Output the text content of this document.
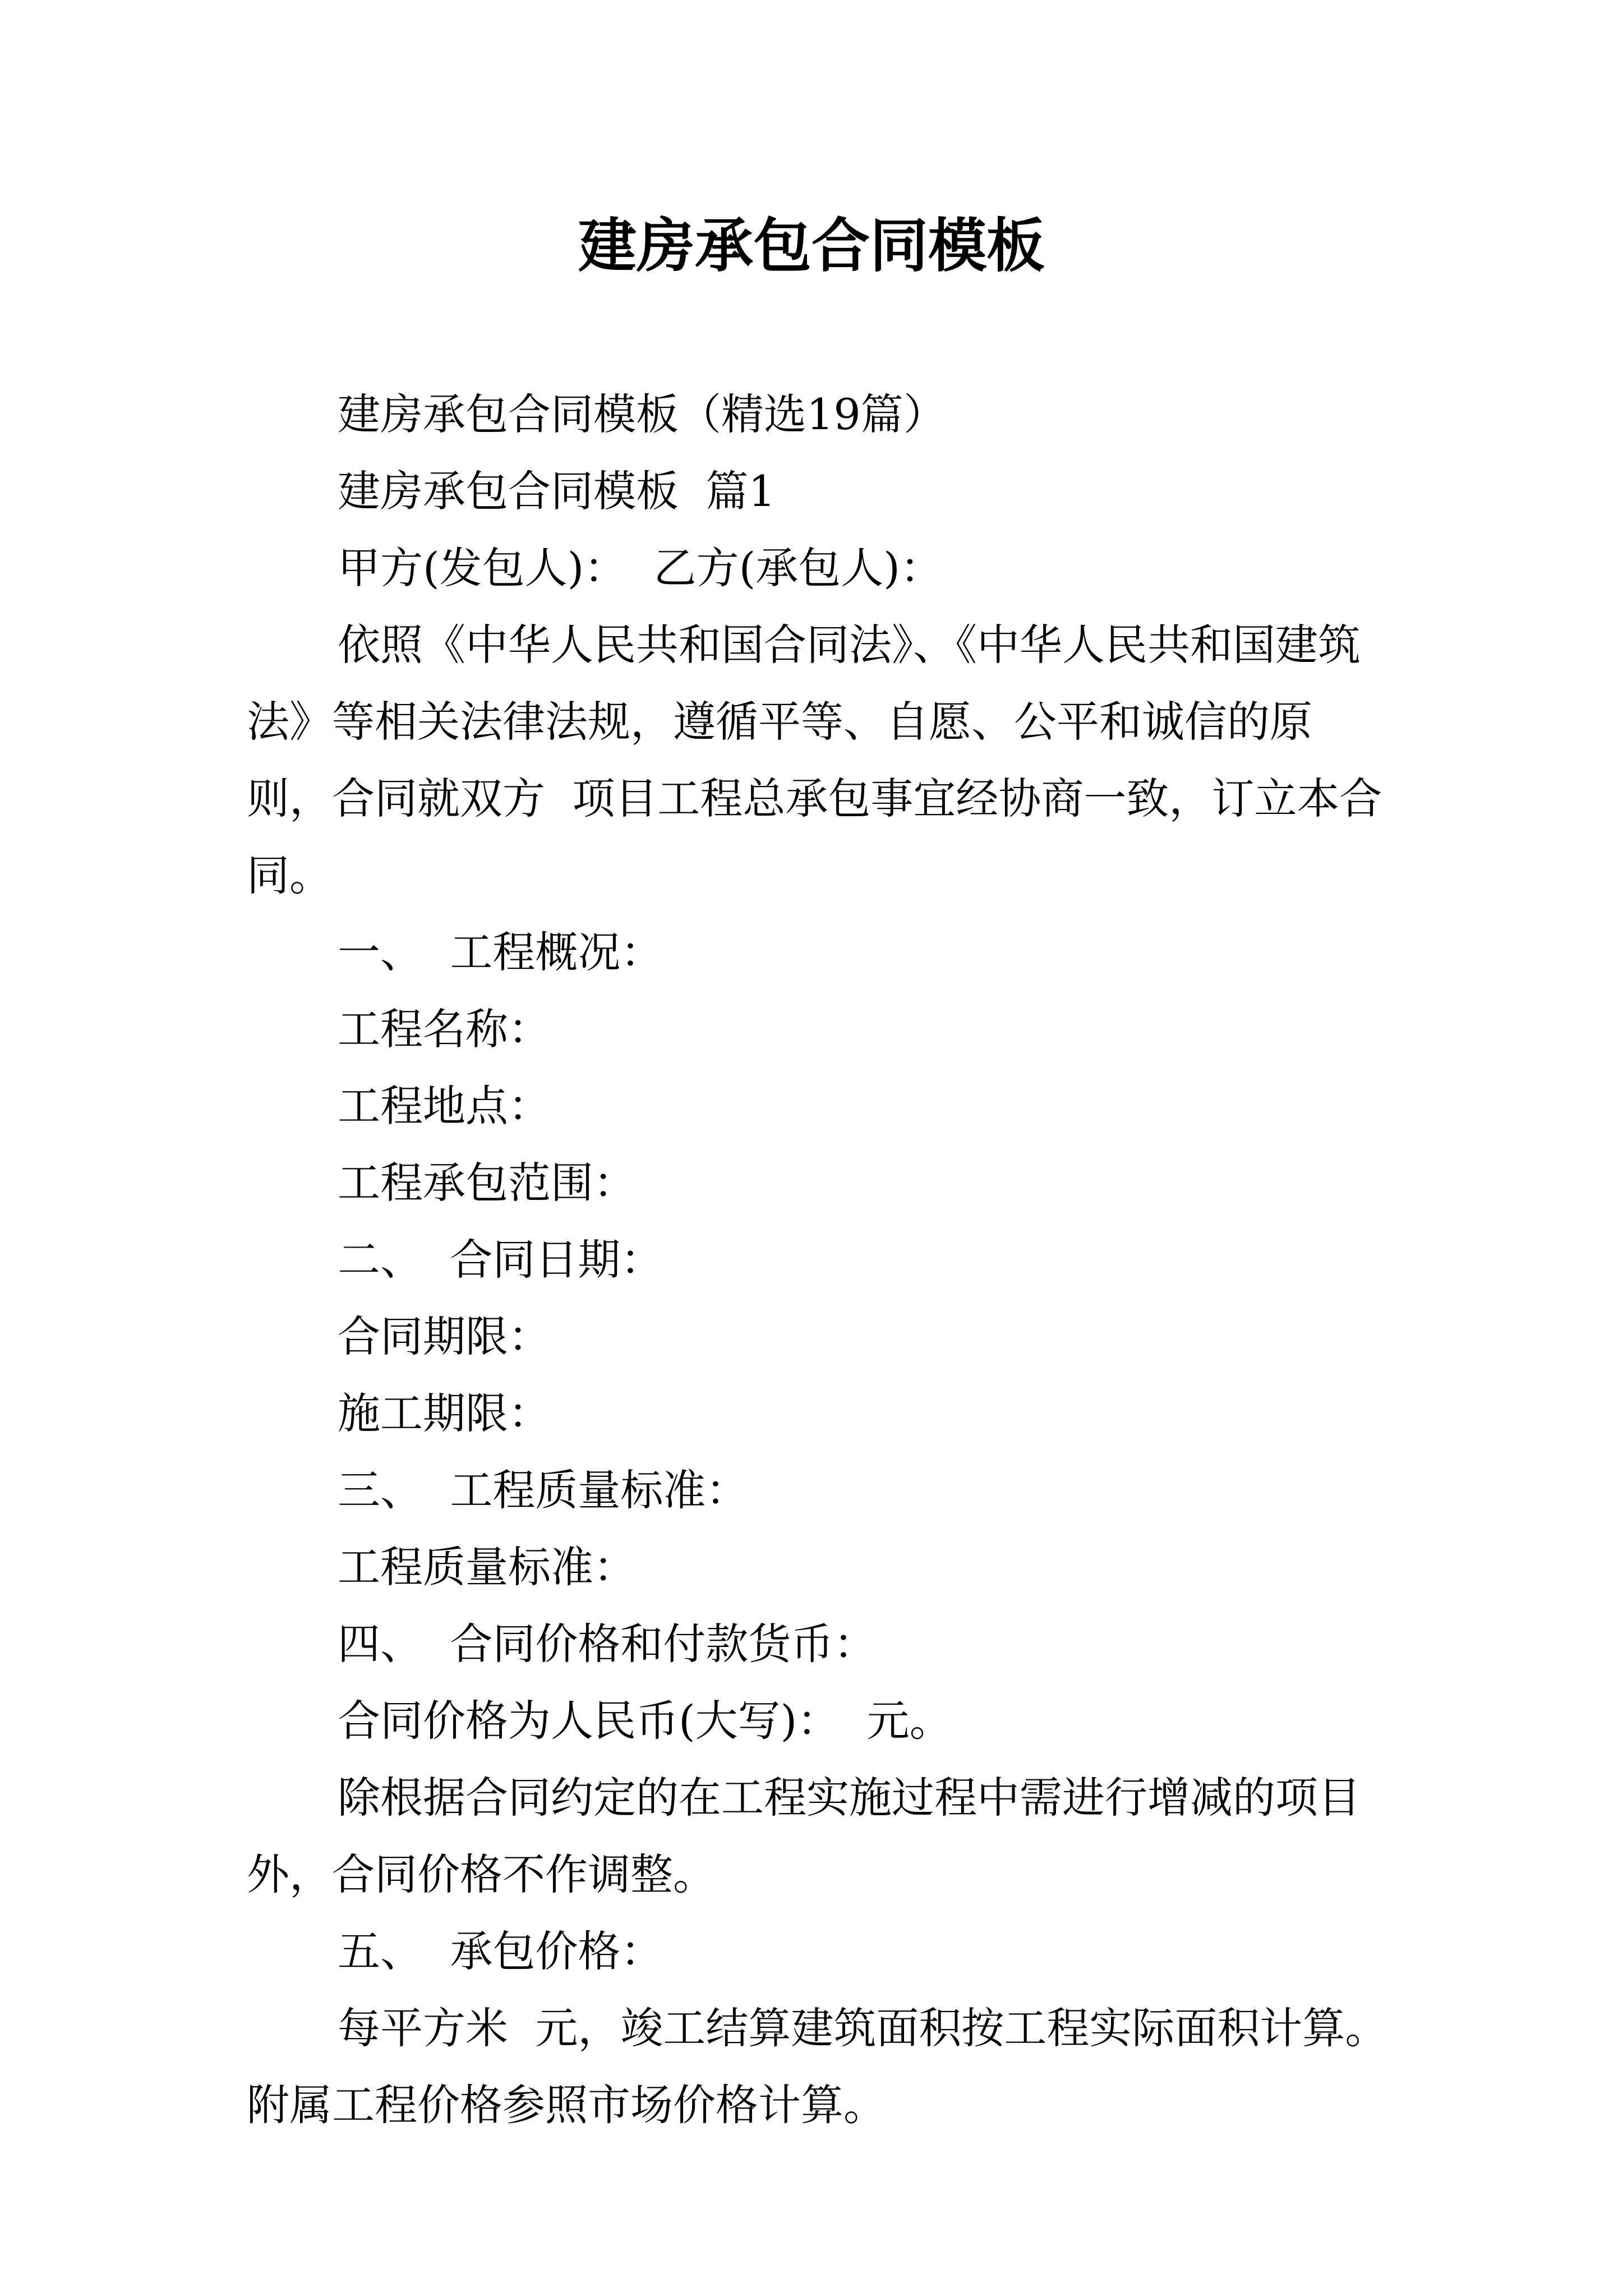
建房承包合同模板

建房承包合同模板（精选19篇）

建房承包合同模板  篇1

甲方(发包人)：  乙方(承包人)：

依照《中华人民共和国合同法》、《中华人民共和国建筑法》等相关法律法规，遵循平等、自愿、公平和诚信的原则，合同就双方  项目工程总承包事宜经协商一致，订立本合同。

一、  工程概况：

工程名称：

工程地点：

工程承包范围：

二、  合同日期：

合同期限：

施工期限：

三、  工程质量标准：

工程质量标准：

四、  合同价格和付款货币：

合同价格为人民币(大写)：  元。

除根据合同约定的在工程实施过程中需进行增减的项目外，合同价格不作调整。

五、  承包价格：

每平方米  元，竣工结算建筑面积按工程实际面积计算。附属工程价格参照市场价格计算。
